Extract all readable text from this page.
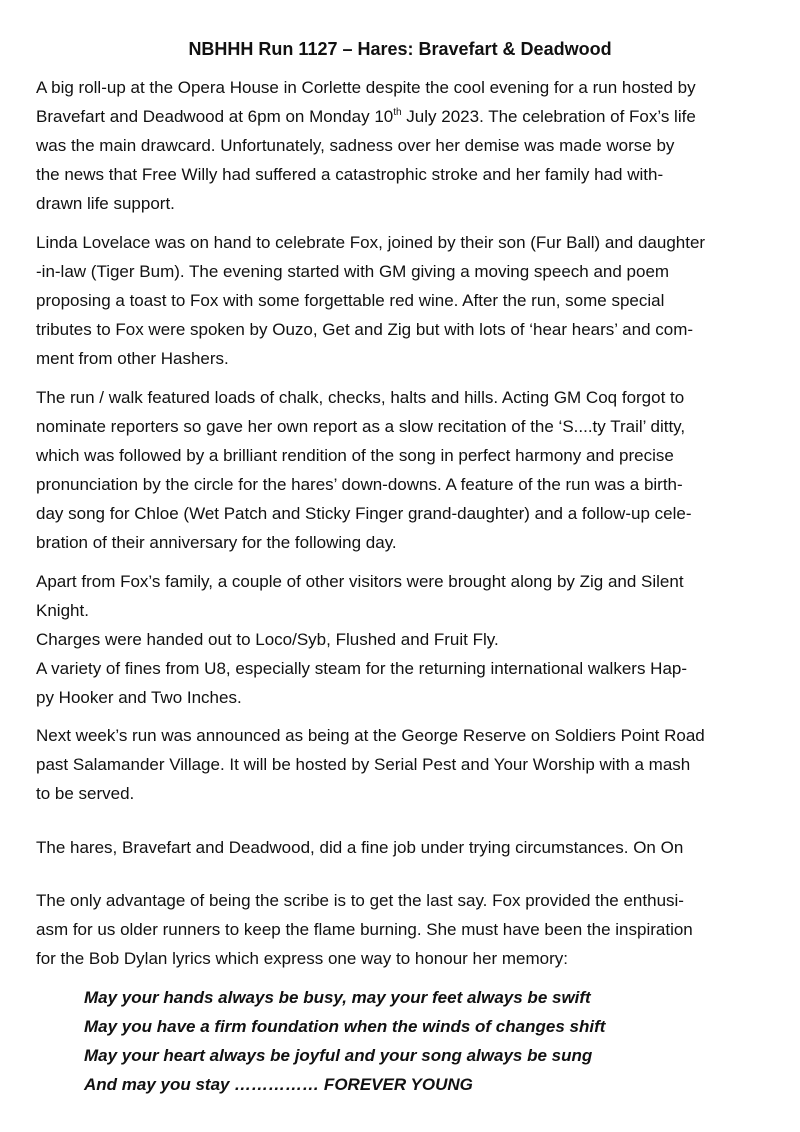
NBHHH Run 1127 – Hares: Bravefart & Deadwood
A big roll-up at the Opera House in Corlette despite the cool evening for a run hosted by
Bravefart and Deadwood at 6pm on Monday 10th July 2023. The celebration of Fox’s life
was the main drawcard. Unfortunately, sadness over her demise was made worse by
the news that Free Willy had suffered a catastrophic stroke and her family had with-
drawn life support.
Linda Lovelace was on hand to celebrate Fox, joined by their son (Fur Ball) and daughter
-in-law (Tiger Bum). The evening started with GM giving a moving speech and poem
proposing a toast to Fox with some forgettable red wine. After the run, some special
tributes to Fox were spoken by Ouzo, Get and Zig but with lots of ‘hear hears’ and com-
ment from other Hashers.
The run / walk featured loads of chalk, checks, halts and hills. Acting GM Coq forgot to
nominate reporters so gave her own report as a slow recitation of the ‘S....ty Trail’ ditty,
which was followed by a brilliant rendition of the song in perfect harmony and precise
pronunciation by the circle for the hares’ down-downs. A feature of the run was a birth-
day song for Chloe (Wet Patch and Sticky Finger grand-daughter) and a follow-up cele-
bration of their anniversary for the following day.
Apart from Fox’s family, a couple of other visitors were brought along by Zig and Silent
Knight.
Charges were handed out to Loco/Syb, Flushed and Fruit Fly.
A variety of fines from U8, especially steam for the returning international walkers Hap-
py Hooker and Two Inches.
Next week’s run was announced as being at the George Reserve on Soldiers Point Road
past Salamander Village. It will be hosted by Serial Pest and Your Worship with a mash
to be served.
The hares, Bravefart and Deadwood, did a fine job under trying circumstances. On On
The only advantage of being the scribe is to get the last say. Fox provided the enthusi-
asm for us older runners to keep the flame burning. She must have been the inspiration
for the Bob Dylan lyrics which express one way to honour her memory:
May your hands always be busy, may your feet always be swift
May you have a firm foundation when the winds of changes shift
May your heart always be joyful and your song always be sung
And may you stay …………… FOREVER YOUNG
